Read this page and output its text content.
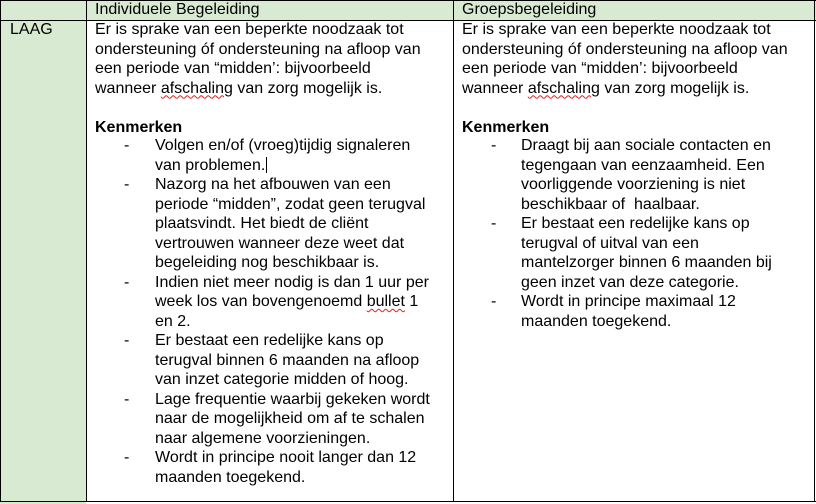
Individuele Begeleiding	Groepsbegeleiding
LAAG	Er is sprake van een beperkte noodzaak tot
ondersteuning óf ondersteuning na afloop van
een periode van “midden’: bijvoorbeeld
wanneer afschaling van zorg mogelijk is.
Kenmerken
- Volgen en/of (vroeg)tijdig signaleren
van problemen.
- Nazorg na het afbouwen van een
periode “midden”, zodat geen terugval
plaatsvindt. Het biedt de cliënt
vertrouwen wanneer deze weet dat
begeleiding nog beschikbaar is.
- Indien niet meer nodig is dan 1 uur per
week los van bovengenoemd bullet 1
en 2.
- Er bestaat een redelijke kans op
terugval binnen 6 maanden na afloop
van inzet categorie midden of hoog.
- Lage frequentie waarbij gekeken wordt
naar de mogelijkheid om af te schalen
naar algemene voorzieningen.
- Wordt in principe nooit langer dan 12
maanden toegekend.
Er is sprake van een beperkte noodzaak tot
ondersteuning óf ondersteuning na afloop van
een periode van “midden’: bijvoorbeeld
wanneer afschaling van zorg mogelijk is.
Kenmerken
- Draagt bij aan sociale contacten en
tegengaan van eenzaamheid. Een
voorliggende voorziening is niet
beschikbaar of  haalbaar.
- Er bestaat een redelijke kans op
terugval of uitval van een
mantelzorger binnen 6 maanden bij
geen inzet van deze categorie.
- Wordt in principe maximaal 12
maanden toegekend.
